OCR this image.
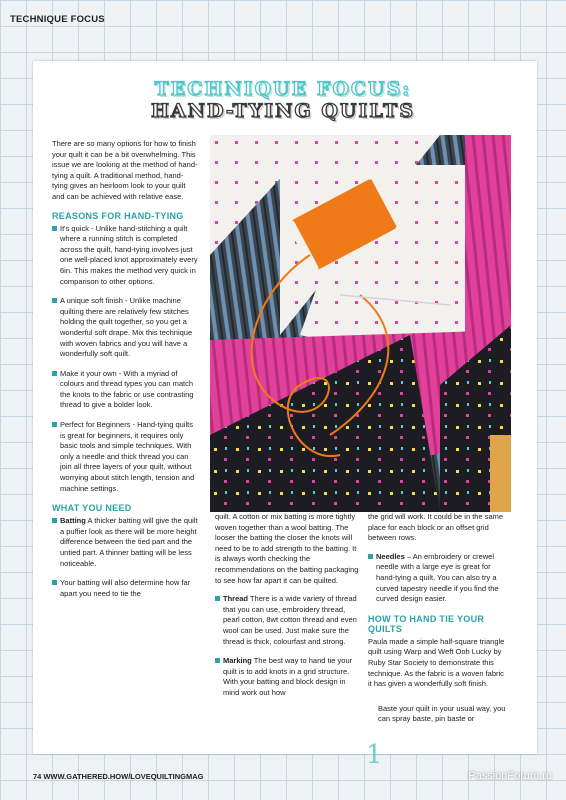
TECHNIQUE FOCUS
TECHNIQUE FOCUS:
HAND-TYING QUILTS

There are so many options for how to finish your quilt it can be a bit overwhelming. This issue we are looking at the method of hand-tying a quilt. A traditional method, hand-tying gives an heirloom look to your quilt and can be achieved with relative ease.

REASONS FOR HAND-TYING
It's quick - Unlike hand-stitching a quilt where a running stitch is completed across the quilt, hand-tying involves just one well-placed knot approximately every 6in. This makes the method very quick in comparison to other options.
A unique soft finish - Unlike machine quilting there are relatively few stitches holding the quilt together, so you get a wonderful soft drape. Mix this technique with woven fabrics and you will have a wonderfully soft quilt.
Make it your own - With a myriad of colours and thread types you can match the knots to the fabric or use contrasting thread to give a bolder look.
Perfect for Beginners - Hand-tying quilts is great for beginners, it requires only basic tools and simple techniques. With only a needle and thick thread you can join all three layers of your quilt, without worrying about stitch length, tension and machine settings.
WHAT YOU NEED
Batting A thicker batting will give the quilt a puffier look as there will be more height difference between the tied part and the untied part. A thinner batting will be less noticeable.
Your batting will also determine how far apart you need to tie the

quilt. A cotton or mix batting is more tightly woven together than a wool batting. The looser the batting the closer the knots will need to be to add strength to the batting. It is always worth checking the recommendations on the batting packaging to see how far apart it can be quilted.

Thread There is a wide variety of thread that you can use, embroidery thread, pearl cotton, 8wt cotton thread and even wool can be used. Just make sure the thread is thick, colourfast and strong.
Marking The best way to hand tie your quilt is to add knots in a grid structure. With your batting and block design in mind work out how

the grid will work. It could be in the same place for each block or an offset grid between rows.

Needles – An embroidery or crewel needle with a large eye is great for hand-tying a quilt. You can also try a curved tapestry needle if you find the curved design easier.
HOW TO HAND TIE YOUR QUILTS

Paula made a simple half-square triangle quilt using Warp and Weft Ooh Lucky by Ruby Star Society to demonstrate this technique. As the fabric is a woven fabric it has given a wonderfully soft finish.

Baste your quilt in your usual way, you can spray baste, pin baste or
1
74 WWW.GATHERED.HOW/LOVEQUILTINGMAG	PassionForum.ru
